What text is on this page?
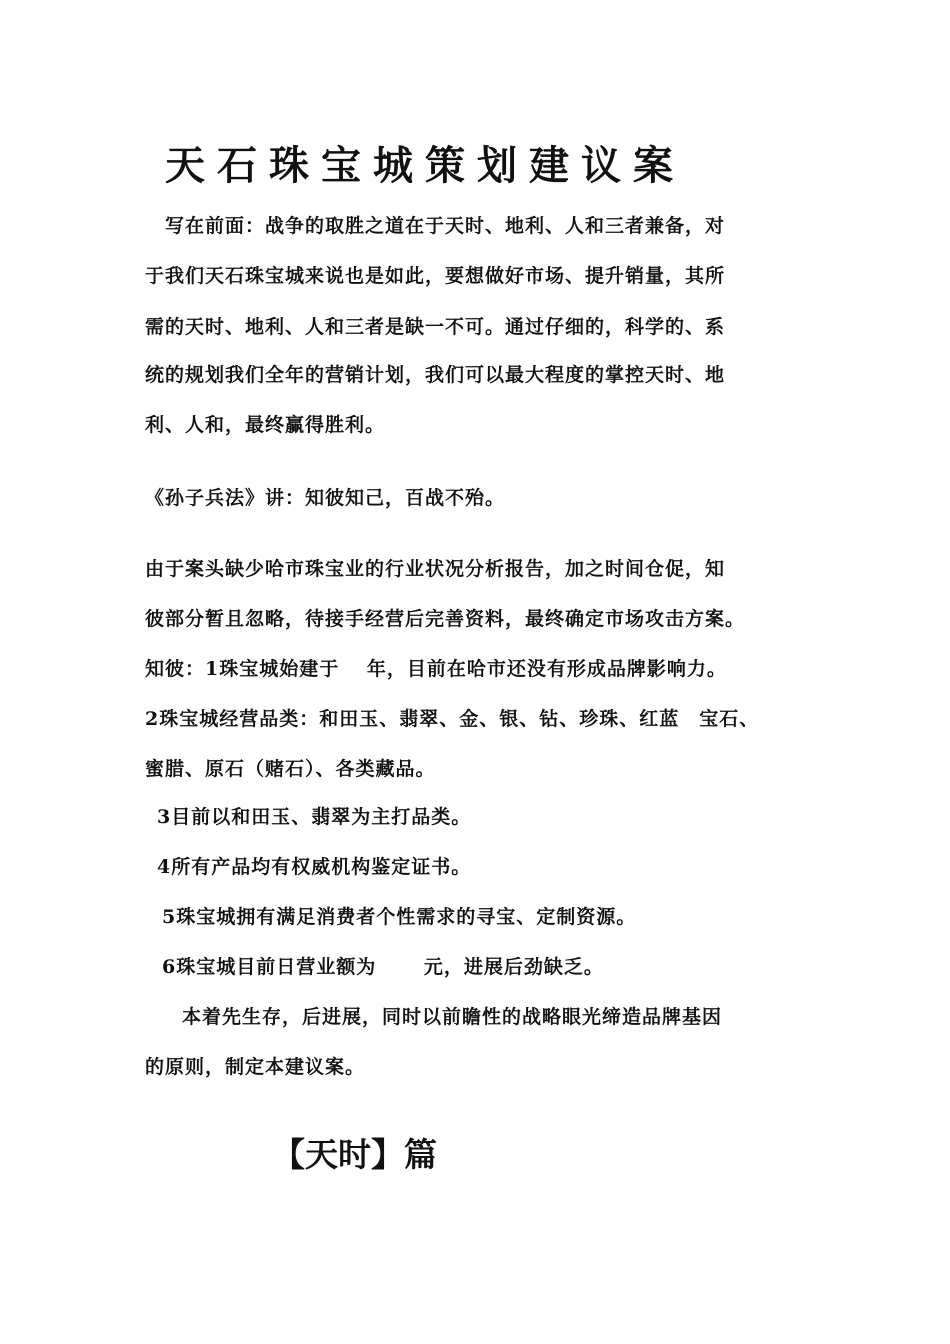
天石珠宝城策划建议案
写在前面：战争的取胜之道在于天时、地利、人和三者兼备，对
于我们天石珠宝城来说也是如此，要想做好市场、提升销量，其所
需的天时、地利、人和三者是缺一不可。通过仔细的，科学的、系
统的规划我们全年的营销计划，我们可以最大程度的掌控天时、地
利、人和，最终赢得胜利。
《孙子兵法》讲：知彼知己，百战不殆。
由于案头缺少哈市珠宝业的行业状况分析报告，加之时间仓促，知
彼部分暂且忽略，待接手经营后完善资料，最终确定市场攻击方案。
知彼：1珠宝城始建于　 年，目前在哈市还没有形成品牌影响力。
2珠宝城经营品类：和田玉、翡翠、金、银、钻、珍珠、红蓝　宝石、
蜜腊、原石（赌石）、各类藏品。
3目前以和田玉、翡翠为主打品类。
4所有产品均有权威机构鉴定证书。
5珠宝城拥有满足消费者个性需求的寻宝、定制资源。
6珠宝城目前日营业额为　　 元，进展后劲缺乏。
本着先生存，后进展，同时以前瞻性的战略眼光缔造品牌基因
的原则，制定本建议案。
【天时】篇
